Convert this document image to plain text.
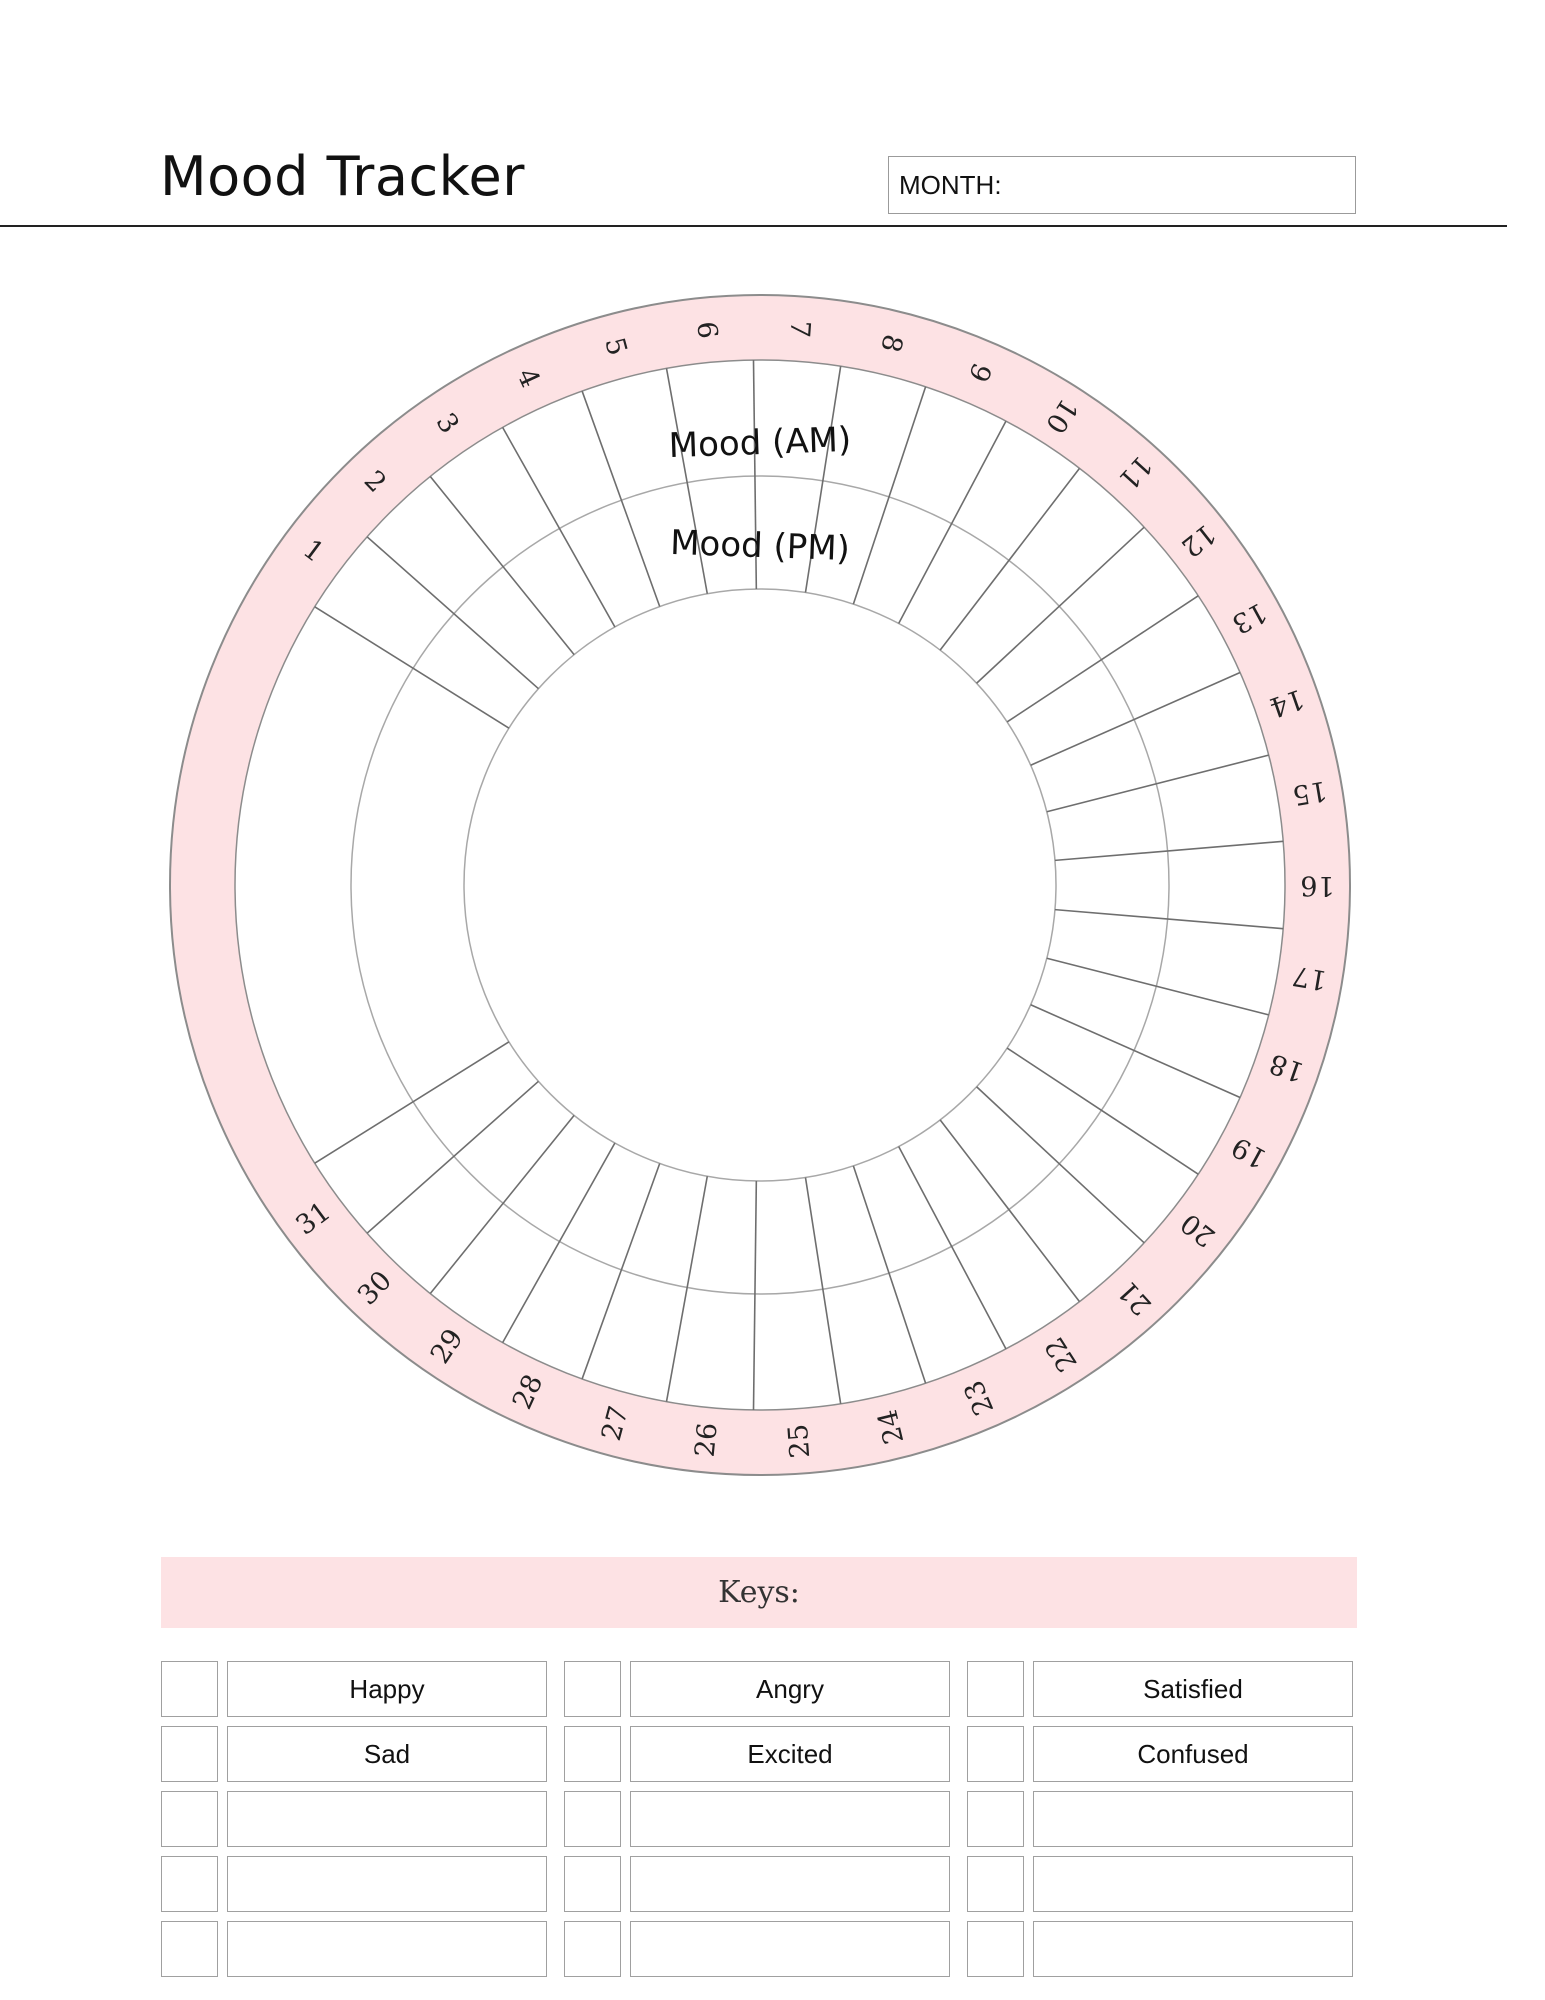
Mood Tracker	MONTH:
1
2
3
4
5
6 7
8
9
10
11
12
13
14
15
16
17
18
19
20
21
22
23
24
25
26
27
28
29
30
31
Mood (AM)
Mood (PM)
Keys:
Happy	Angry	Satisfied
Sad	Excited	Confused
